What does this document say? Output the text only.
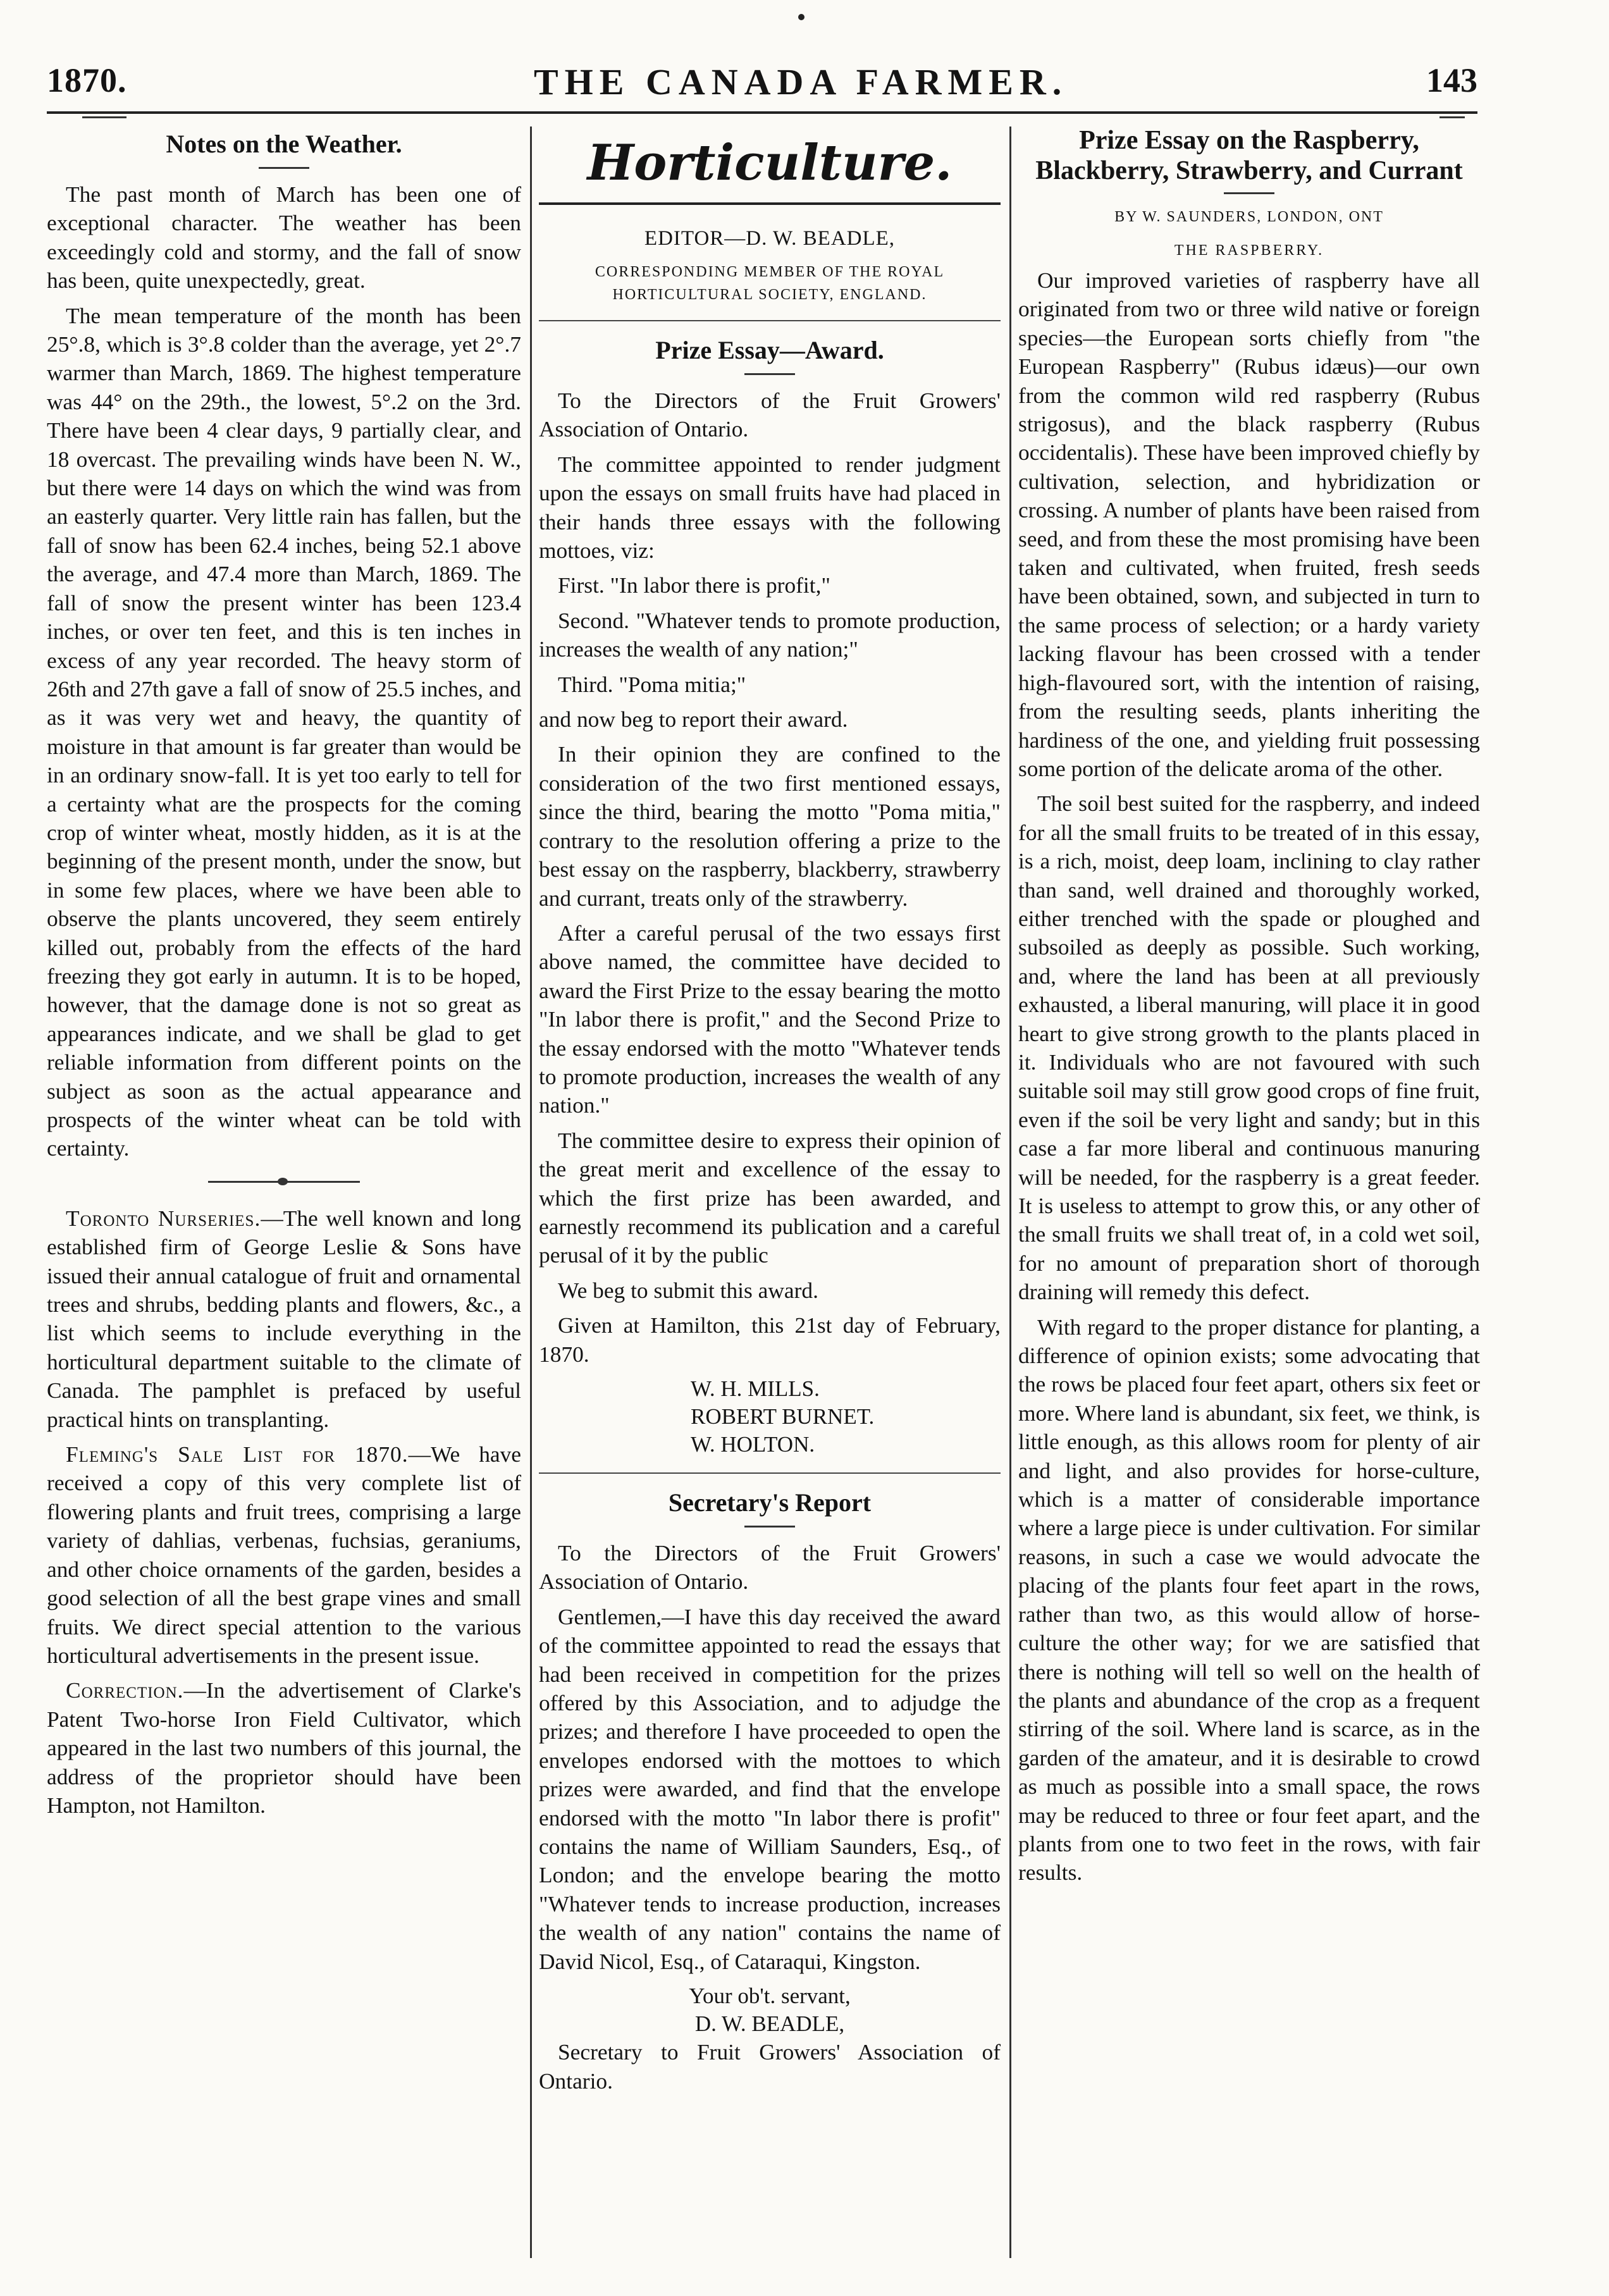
1870.	THE CANADA FARMER.	143
Notes on the Weather.

The past month of March has been one of exceptional character. The weather has been exceedingly cold and stormy, and the fall of snow has been, quite unexpectedly, great.

The mean temperature of the month has been 25°.8, which is 3°.8 colder than the average, yet 2°.7 warmer than March, 1869. The highest temperature was 44° on the 29th., the lowest, 5°.2 on the 3rd. There have been 4 clear days, 9 partially clear, and 18 overcast. The prevailing winds have been N. W., but there were 14 days on which the wind was from an easterly quarter. Very little rain has fallen, but the fall of snow has been 62.4 inches, being 52.1 above the average, and 47.4 more than March, 1869. The fall of snow the present winter has been 123.4 inches, or over ten feet, and this is ten inches in excess of any year recorded. The heavy storm of 26th and 27th gave a fall of snow of 25.5 inches, and as it was very wet and heavy, the quantity of moisture in that amount is far greater than would be in an ordinary snow-fall. It is yet too early to tell for a certainty what are the prospects for the coming crop of winter wheat, mostly hidden, as it is at the beginning of the present month, under the snow, but in some few places, where we have been able to observe the plants uncovered, they seem entirely killed out, probably from the effects of the hard freezing they got early in autumn. It is to be hoped, however, that the damage done is not so great as appearances indicate, and we shall be glad to get reliable information from different points on the subject as soon as the actual appearance and prospects of the winter wheat can be told with certainty.

Toronto Nurseries.—The well known and long established firm of George Leslie & Sons have issued their annual catalogue of fruit and ornamental trees and shrubs, bedding plants and flowers, &c., a list which seems to include everything in the horticultural department suitable to the climate of Canada. The pamphlet is prefaced by useful practical hints on transplanting.

Fleming's Sale List for 1870.—We have received a copy of this very complete list of flowering plants and fruit trees, comprising a large variety of dahlias, verbenas, fuchsias, geraniums, and other choice ornaments of the garden, besides a good selection of all the best grape vines and small fruits. We direct special attention to the various horticultural advertisements in the present issue.

Correction.—In the advertisement of Clarke's Patent Two-horse Iron Field Cultivator, which appeared in the last two numbers of this journal, the address of the proprietor should have been Hampton, not Hamilton.

Horticulture.
EDITOR—D. W. BEADLE,
CORRESPONDING MEMBER OF THE ROYAL HORTICULTURAL SOCIETY, ENGLAND.
Prize Essay—Award.

To the Directors of the Fruit Growers' Association of Ontario.

The committee appointed to render judgment upon the essays on small fruits have had placed in their hands three essays with the following mottoes, viz:

First. "In labor there is profit,"

Second. "Whatever tends to promote production, increases the wealth of any nation;"

Third. "Poma mitia;"

and now beg to report their award.

In their opinion they are confined to the consideration of the two first mentioned essays, since the third, bearing the motto "Poma mitia," contrary to the resolution offering a prize to the best essay on the raspberry, blackberry, strawberry and currant, treats only of the strawberry.

After a careful perusal of the two essays first above named, the committee have decided to award the First Prize to the essay bearing the motto "In labor there is profit," and the Second Prize to the essay endorsed with the motto "Whatever tends to promote production, increases the wealth of any nation."

The committee desire to express their opinion of the great merit and excellence of the essay to which the first prize has been awarded, and earnestly recommend its publication and a careful perusal of it by the public

We beg to submit this award.

Given at Hamilton, this 21st day of February, 1870.

W. H. MILLS.
ROBERT BURNET.
W. HOLTON.
Secretary's Report

To the Directors of the Fruit Growers' Association of Ontario.

Gentlemen,—I have this day received the award of the committee appointed to read the essays that had been received in competition for the prizes offered by this Association, and to adjudge the prizes; and therefore I have proceeded to open the envelopes endorsed with the mottoes to which prizes were awarded, and find that the envelope endorsed with the motto "In labor there is profit" contains the name of William Saunders, Esq., of London; and the envelope bearing the motto "Whatever tends to increase production, increases the wealth of any nation" contains the name of David Nicol, Esq., of Cataraqui, Kingston.

Your ob't. servant,
D. W. BEADLE,

Secretary to Fruit Growers' Association of Ontario.

Prize Essay on the Raspberry, Blackberry, Strawberry, and Currant
BY W. SAUNDERS, LONDON, ONT
THE RASPBERRY.

Our improved varieties of raspberry have all originated from two or three wild native or foreign species—the European sorts chiefly from "the European Raspberry" (Rubus idæus)—our own from the common wild red raspberry (Rubus strigosus), and the black raspberry (Rubus occidentalis). These have been improved chiefly by cultivation, selection, and hybridization or crossing. A number of plants have been raised from seed, and from these the most promising have been taken and cultivated, when fruited, fresh seeds have been obtained, sown, and subjected in turn to the same process of selection; or a hardy variety lacking flavour has been crossed with a tender high-flavoured sort, with the intention of raising, from the resulting seeds, plants inheriting the hardiness of the one, and yielding fruit possessing some portion of the delicate aroma of the other.

The soil best suited for the raspberry, and indeed for all the small fruits to be treated of in this essay, is a rich, moist, deep loam, inclining to clay rather than sand, well drained and thoroughly worked, either trenched with the spade or ploughed and subsoiled as deeply as possible. Such working, and, where the land has been at all previously exhausted, a liberal manuring, will place it in good heart to give strong growth to the plants placed in it. Individuals who are not favoured with such suitable soil may still grow good crops of fine fruit, even if the soil be very light and sandy; but in this case a far more liberal and continuous manuring will be needed, for the raspberry is a great feeder. It is useless to attempt to grow this, or any other of the small fruits we shall treat of, in a cold wet soil, for no amount of preparation short of thorough draining will remedy this defect.

With regard to the proper distance for planting, a difference of opinion exists; some advocating that the rows be placed four feet apart, others six feet or more. Where land is abundant, six feet, we think, is little enough, as this allows room for plenty of air and light, and also provides for horse-culture, which is a matter of considerable importance where a large piece is under cultivation. For similar reasons, in such a case we would advocate the placing of the plants four feet apart in the rows, rather than two, as this would allow of horse-culture the other way; for we are satisfied that there is nothing will tell so well on the health of the plants and abundance of the crop as a frequent stirring of the soil. Where land is scarce, as in the garden of the amateur, and it is desirable to crowd as much as possible into a small space, the rows may be reduced to three or four feet apart, and the plants from one to two feet in the rows, with fair results.
